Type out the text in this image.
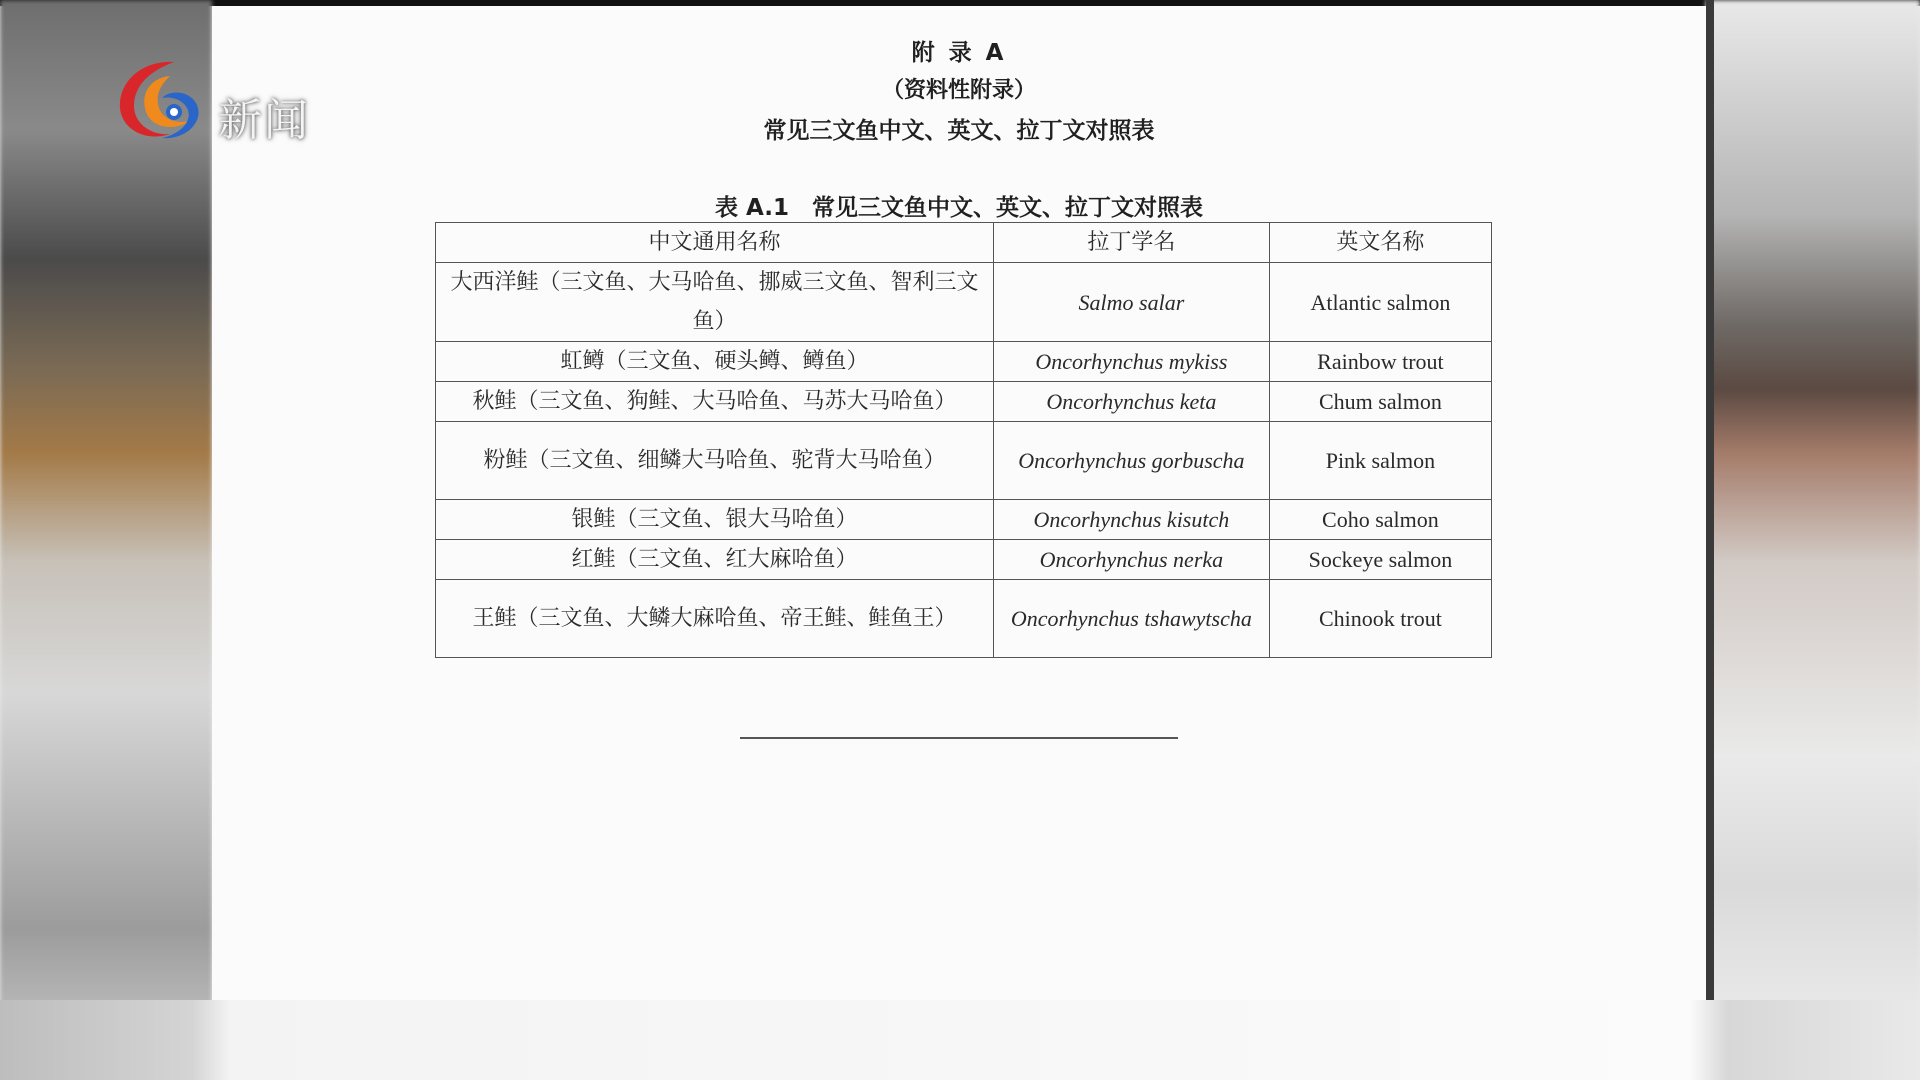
附 录 A
（资料性附录）
常见三文鱼中文、英文、拉丁文对照表
表 A.1　常见三文鱼中文、英文、拉丁文对照表
中文通用名称	拉丁学名	英文名称
大西洋鲑（三文鱼、大马哈鱼、挪威三文鱼、智利三文鱼）	Salmo salar	Atlantic salmon
虹鳟（三文鱼、硬头鳟、鳟鱼）	Oncorhynchus mykiss	Rainbow trout
秋鲑（三文鱼、狗鲑、大马哈鱼、马苏大马哈鱼）	Oncorhynchus keta	Chum salmon
粉鲑（三文鱼、细鳞大马哈鱼、驼背大马哈鱼）	Oncorhynchus gorbuscha	Pink salmon
银鲑（三文鱼、银大马哈鱼）	Oncorhynchus kisutch	Coho salmon
红鲑（三文鱼、红大麻哈鱼）	Oncorhynchus nerka	Sockeye salmon
王鲑（三文鱼、大鳞大麻哈鱼、帝王鲑、鲑鱼王）	Oncorhynchus tshawytscha	Chinook trout
新闻
